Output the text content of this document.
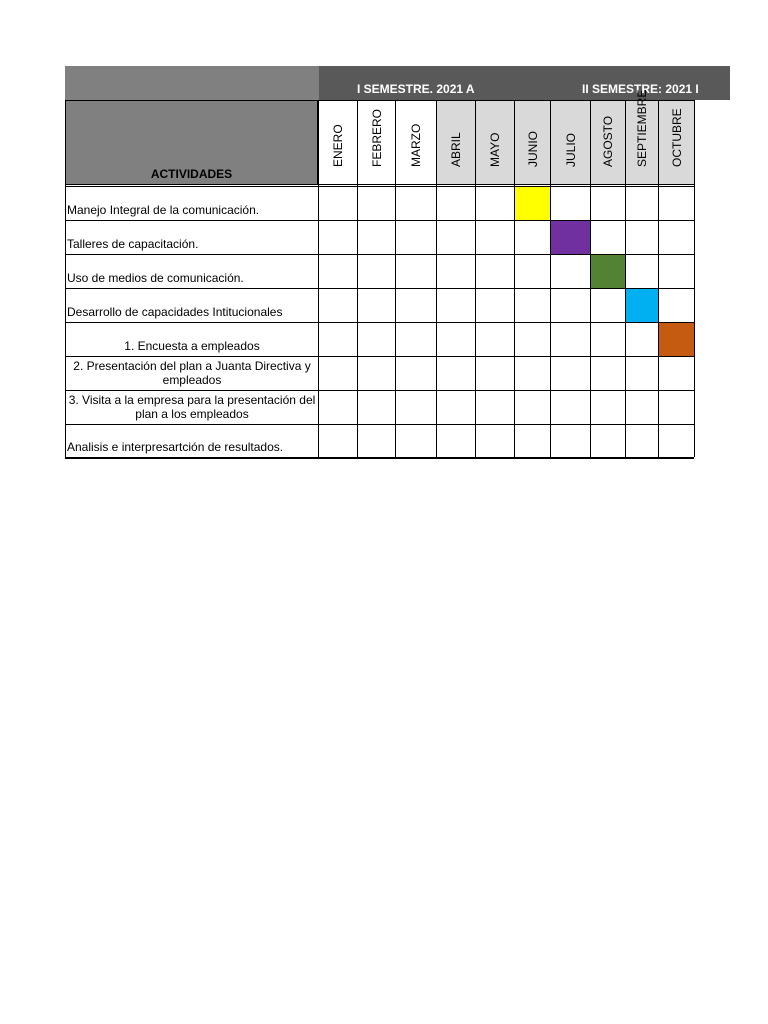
I SEMESTRE. 2021 A	II SEMESTRE: 2021 I
ACTIVIDADES
ENERO FEBRERO MARZO ABRIL MAYO JUNIO JULIO AGOSTO SEPTIEMBRE OCTUBRE
Manejo Integral de la comunicación.
Talleres de capacitación.
Uso de medios de comunicación.
Desarrollo de capacidades Intitucionales
1. Encuesta a empleados
2. Presentación del plan a Juanta Directiva y empleados
3. Visita a la empresa para la presentación del plan a los empleados
Analisis e interpresartción de resultados.
